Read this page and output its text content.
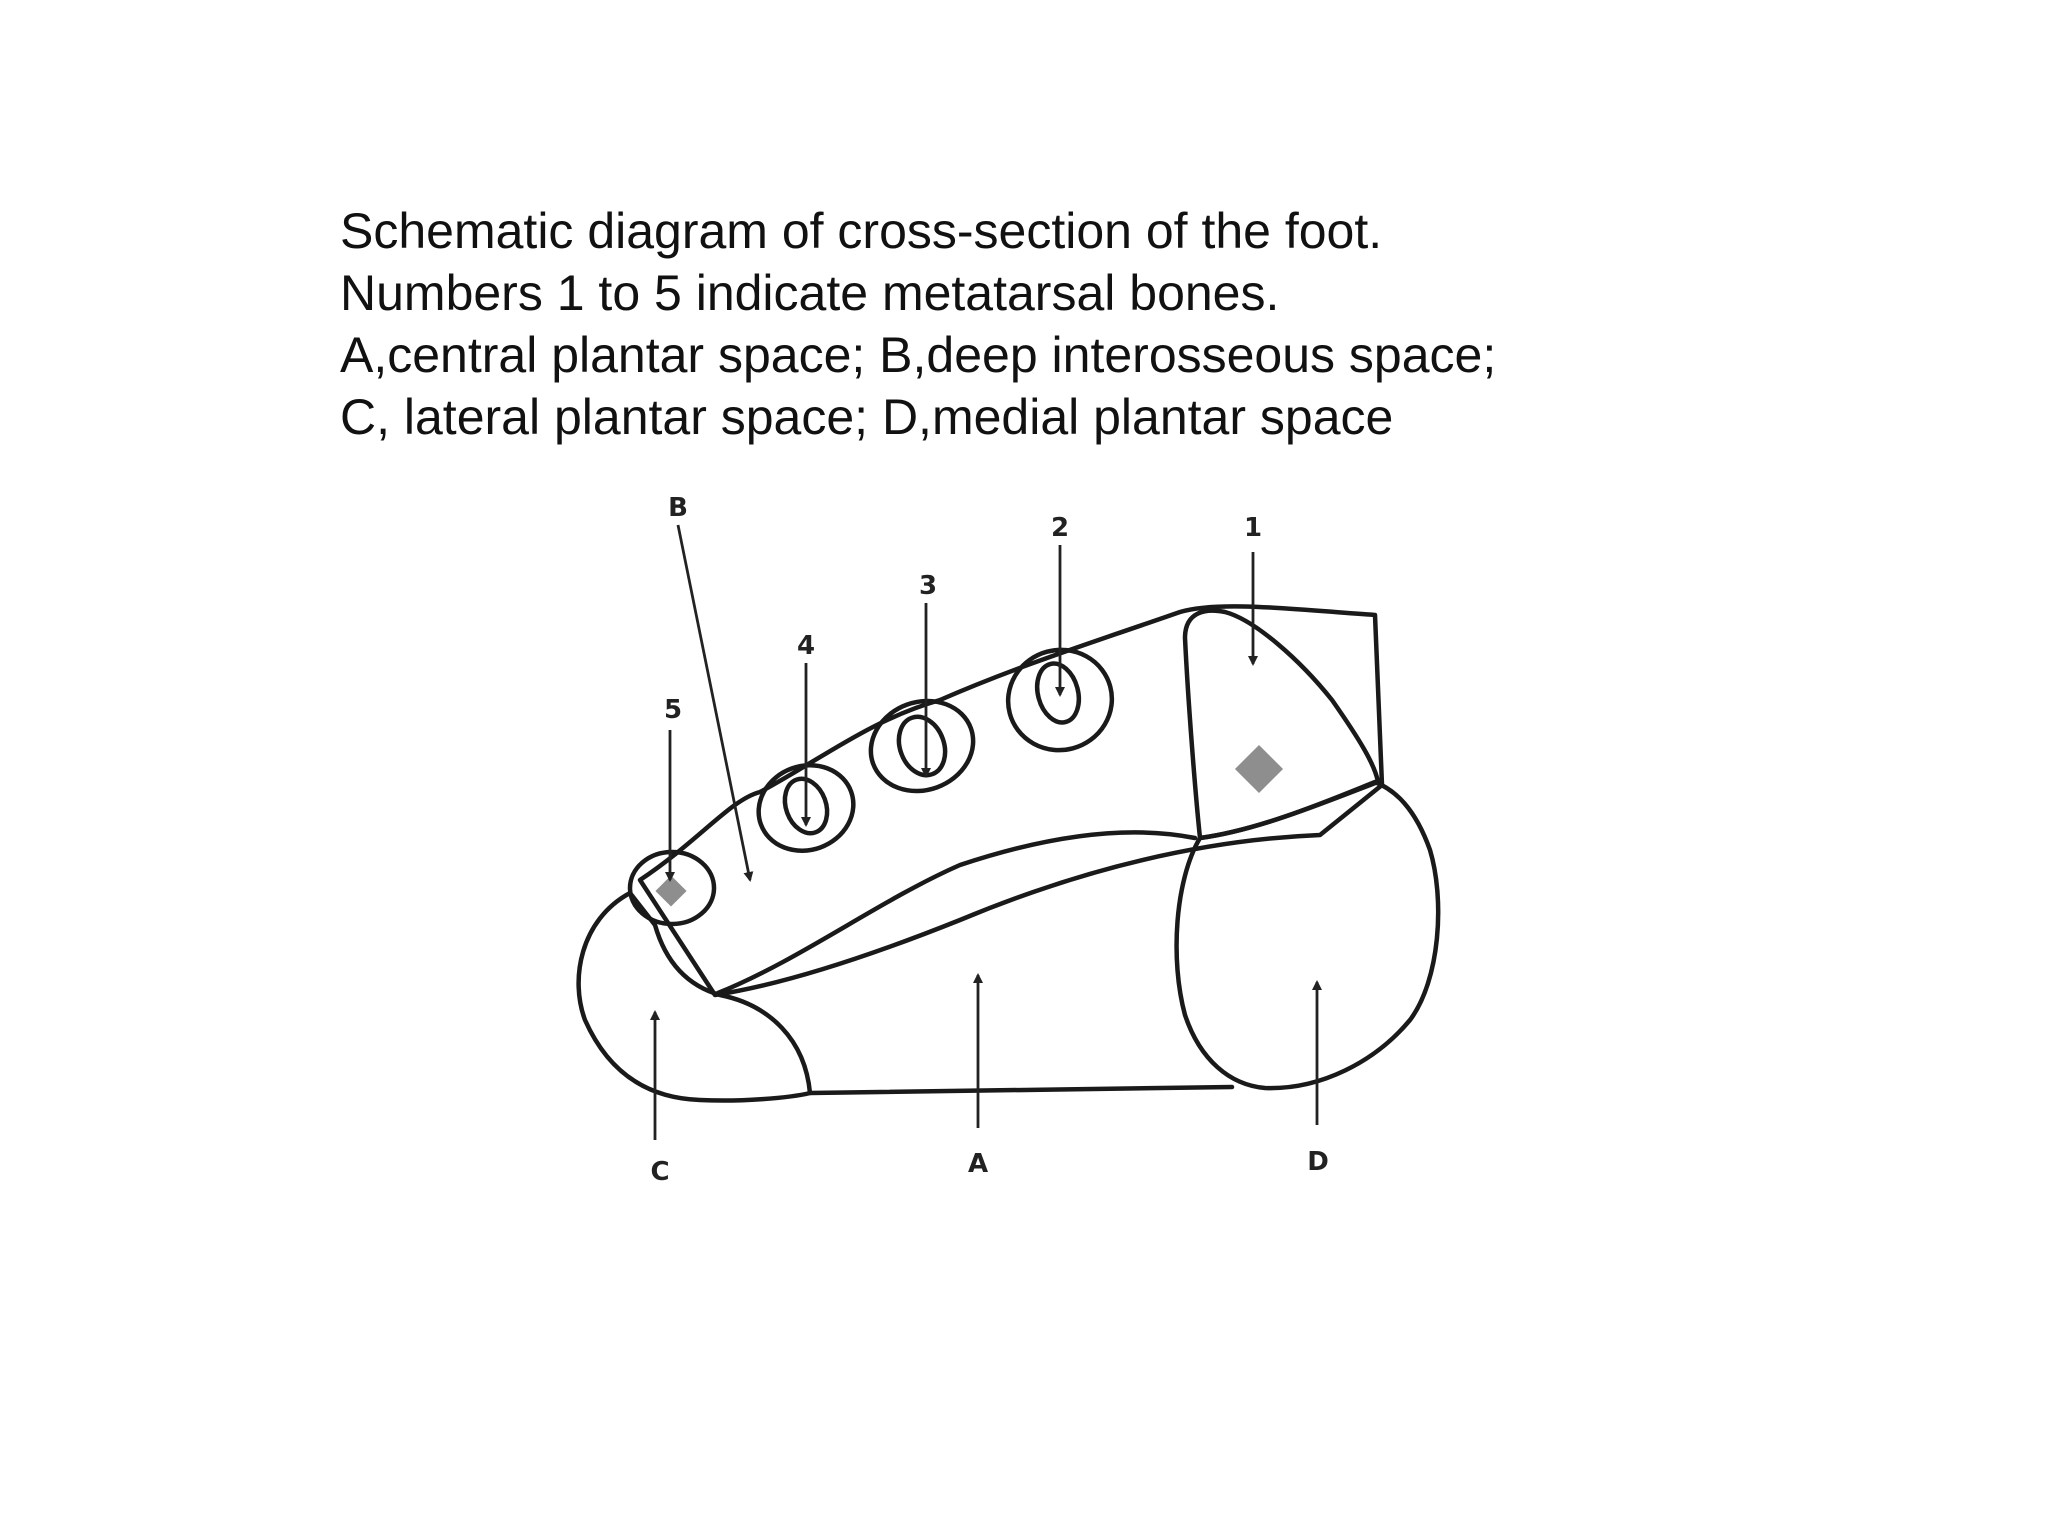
Schematic diagram of cross-section of the foot.
Numbers 1 to 5 indicate metatarsal bones.
A,central plantar space; B,deep interosseous space;
C, lateral plantar space; D,medial plantar space
1
2
3
4
5
B
A
C	D
